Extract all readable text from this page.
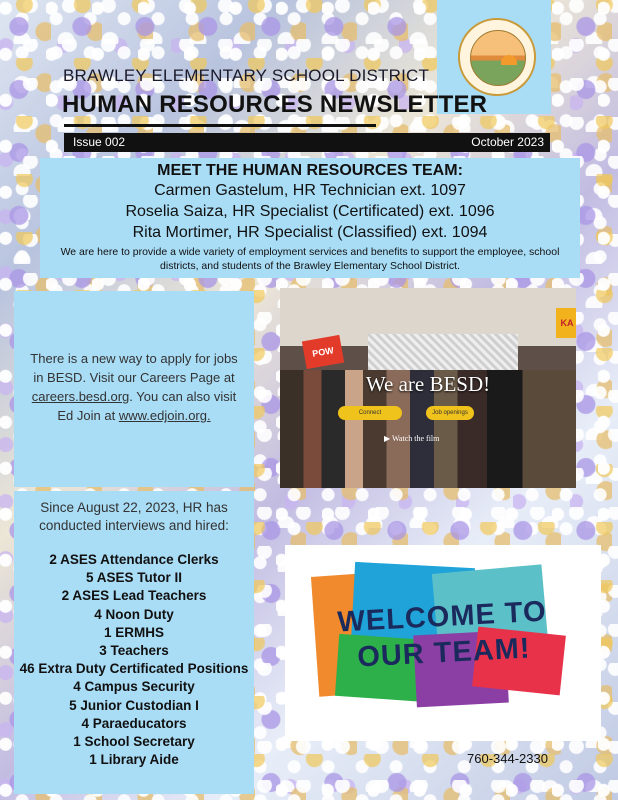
BRAWLEY ELEMENTARY SCHOOL DISTRICT
HUMAN RESOURCES NEWSLETTER
Issue 002	October 2023
MEET THE HUMAN RESOURCES TEAM:
Carmen Gastelum, HR Technician ext. 1097
Roselia Saiza, HR Specialist (Certificated) ext. 1096
Rita Mortimer, HR Specialist (Classified) ext. 1094
We are here to provide a wide variety of employment services and benefits to support the employee, school districts, and students of the Brawley Elementary School District.
There is a new way to apply for jobs in BESD. Visit our Careers Page at careers.besd.org. You can also visit Ed Join at www.edjoin.org.
POW
KA
We are BESD!
Connect	Job openings
▶ Watch the film
Since August 22, 2023, HR has conducted interviews and hired:
2 ASES Attendance Clerks
5 ASES Tutor II
2 ASES Lead Teachers
4 Noon Duty
1 ERMHS
3 Teachers
46 Extra Duty Certificated Positions
4 Campus Security
5 Junior Custodian I
4 Paraeducators
1 School Secretary
1 Library Aide
WELCOME TO
OUR TEAM!
760-344-2330
